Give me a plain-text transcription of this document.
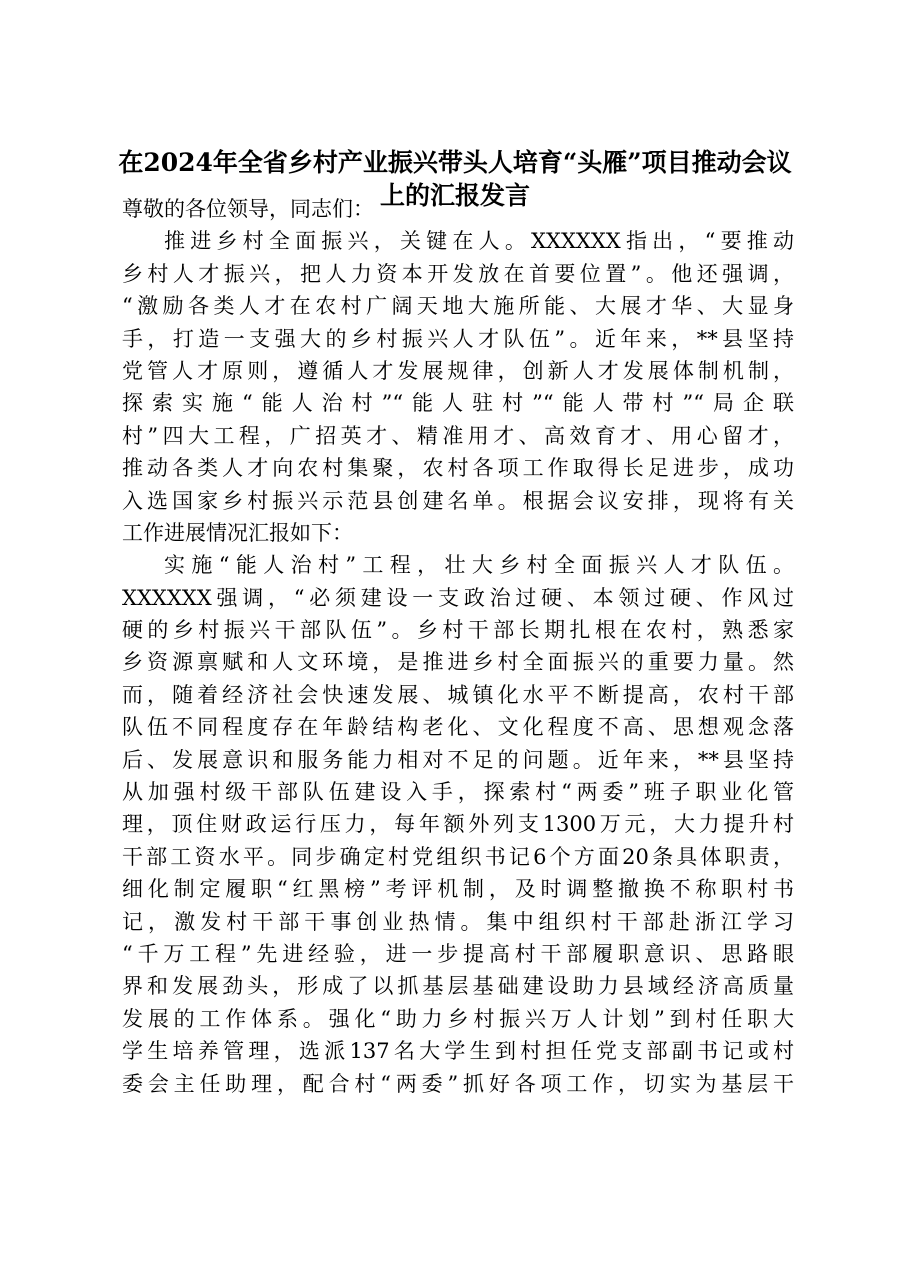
在2024年全省乡村产业振兴带头人培育“头雁”项目推动会议
上的汇报发言
尊敬的各位领导，同志们：
推进乡村全面振兴，关键在人。XXXXXX指出，“要推动
乡村人才振兴，把人力资本开发放在首要位置”。他还强调，
“激励各类人才在农村广阔天地大施所能、大展才华、大显身
手，打造一支强大的乡村振兴人才队伍”。近年来，**县坚持
党管人才原则，遵循人才发展规律，创新人才发展体制机制，
探索实施“能人治村”“能人驻村”“能人带村”“局企联
村”四大工程，广招英才、精准用才、高效育才、用心留才，
推动各类人才向农村集聚，农村各项工作取得长足进步，成功
入选国家乡村振兴示范县创建名单。根据会议安排，现将有关
工作进展情况汇报如下：
实施“能人治村”工程，壮大乡村全面振兴人才队伍。
XXXXXX强调，“必须建设一支政治过硬、本领过硬、作风过
硬的乡村振兴干部队伍”。乡村干部长期扎根在农村，熟悉家
乡资源禀赋和人文环境，是推进乡村全面振兴的重要力量。然
而，随着经济社会快速发展、城镇化水平不断提高，农村干部
队伍不同程度存在年龄结构老化、文化程度不高、思想观念落
后、发展意识和服务能力相对不足的问题。近年来，**县坚持
从加强村级干部队伍建设入手，探索村“两委”班子职业化管
理，顶住财政运行压力，每年额外列支1300万元，大力提升村
干部工资水平。同步确定村党组织书记6个方面20条具体职责，
细化制定履职“红黑榜”考评机制，及时调整撤换不称职村书
记，激发村干部干事创业热情。集中组织村干部赴浙江学习
“千万工程”先进经验，进一步提高村干部履职意识、思路眼
界和发展劲头，形成了以抓基层基础建设助力县域经济高质量
发展的工作体系。强化“助力乡村振兴万人计划”到村任职大
学生培养管理，选派137名大学生到村担任党支部副书记或村
委会主任助理，配合村“两委”抓好各项工作，切实为基层干
